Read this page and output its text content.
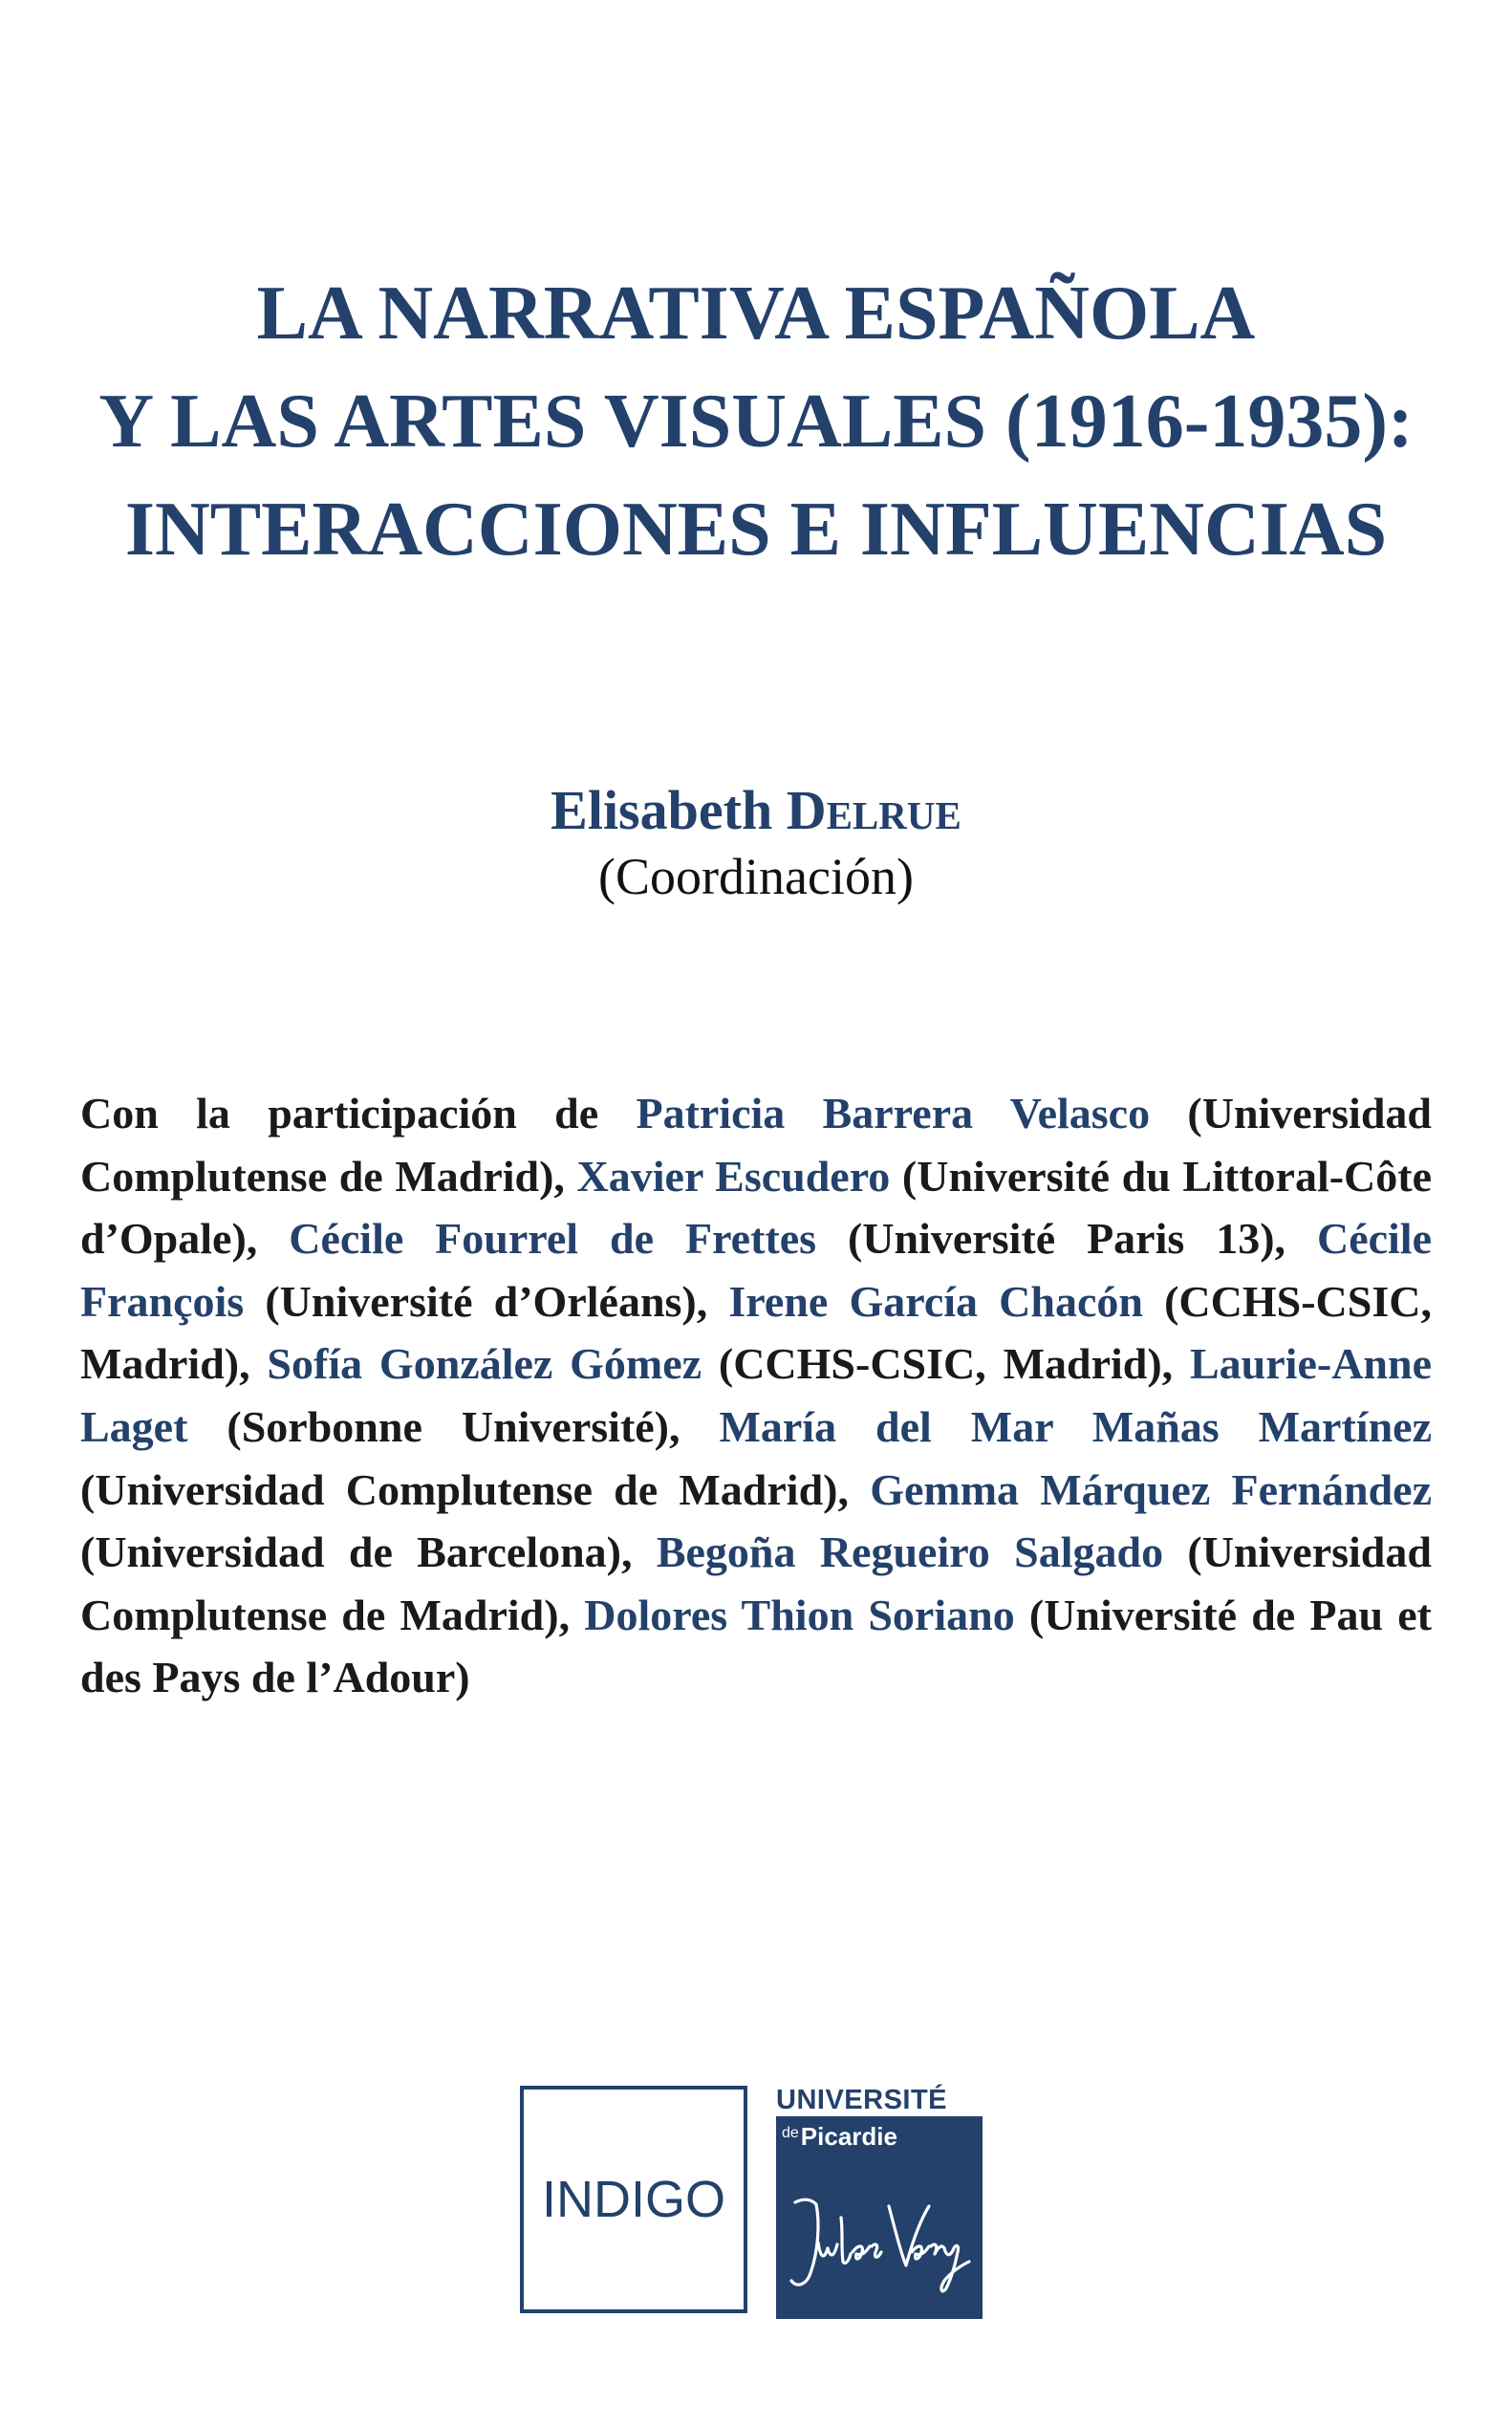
LA NARRATIVA ESPAÑOLA
Y LAS ARTES VISUALES (1916-1935):
INTERACCIONES E INFLUENCIAS
Elisabeth Delrue
(Coordinación)
Con la participación de Patricia Barrera Velasco (Universidad Complutense de Madrid), Xavier Escudero (Université du Littoral-Côte d’Opale), Cécile Fourrel de Frettes (Université Paris 13), Cécile François (Université d’Orléans), Irene García Chacón (CCHS-CSIC, Madrid), Sofía González Gómez (CCHS-CSIC, Madrid), Laurie-Anne Laget (Sorbonne Université), María del Mar Mañas Martínez (Universidad Complutense de Madrid), Gemma Márquez Fernández (Universidad de Barcelona), Begoña Regueiro Salgado (Universidad Complutense de Madrid), Dolores Thion Soriano (Université de Pau et des Pays de l’Adour)
INDIGO
UNIVERSITÉ
$^{de}$Picardie
